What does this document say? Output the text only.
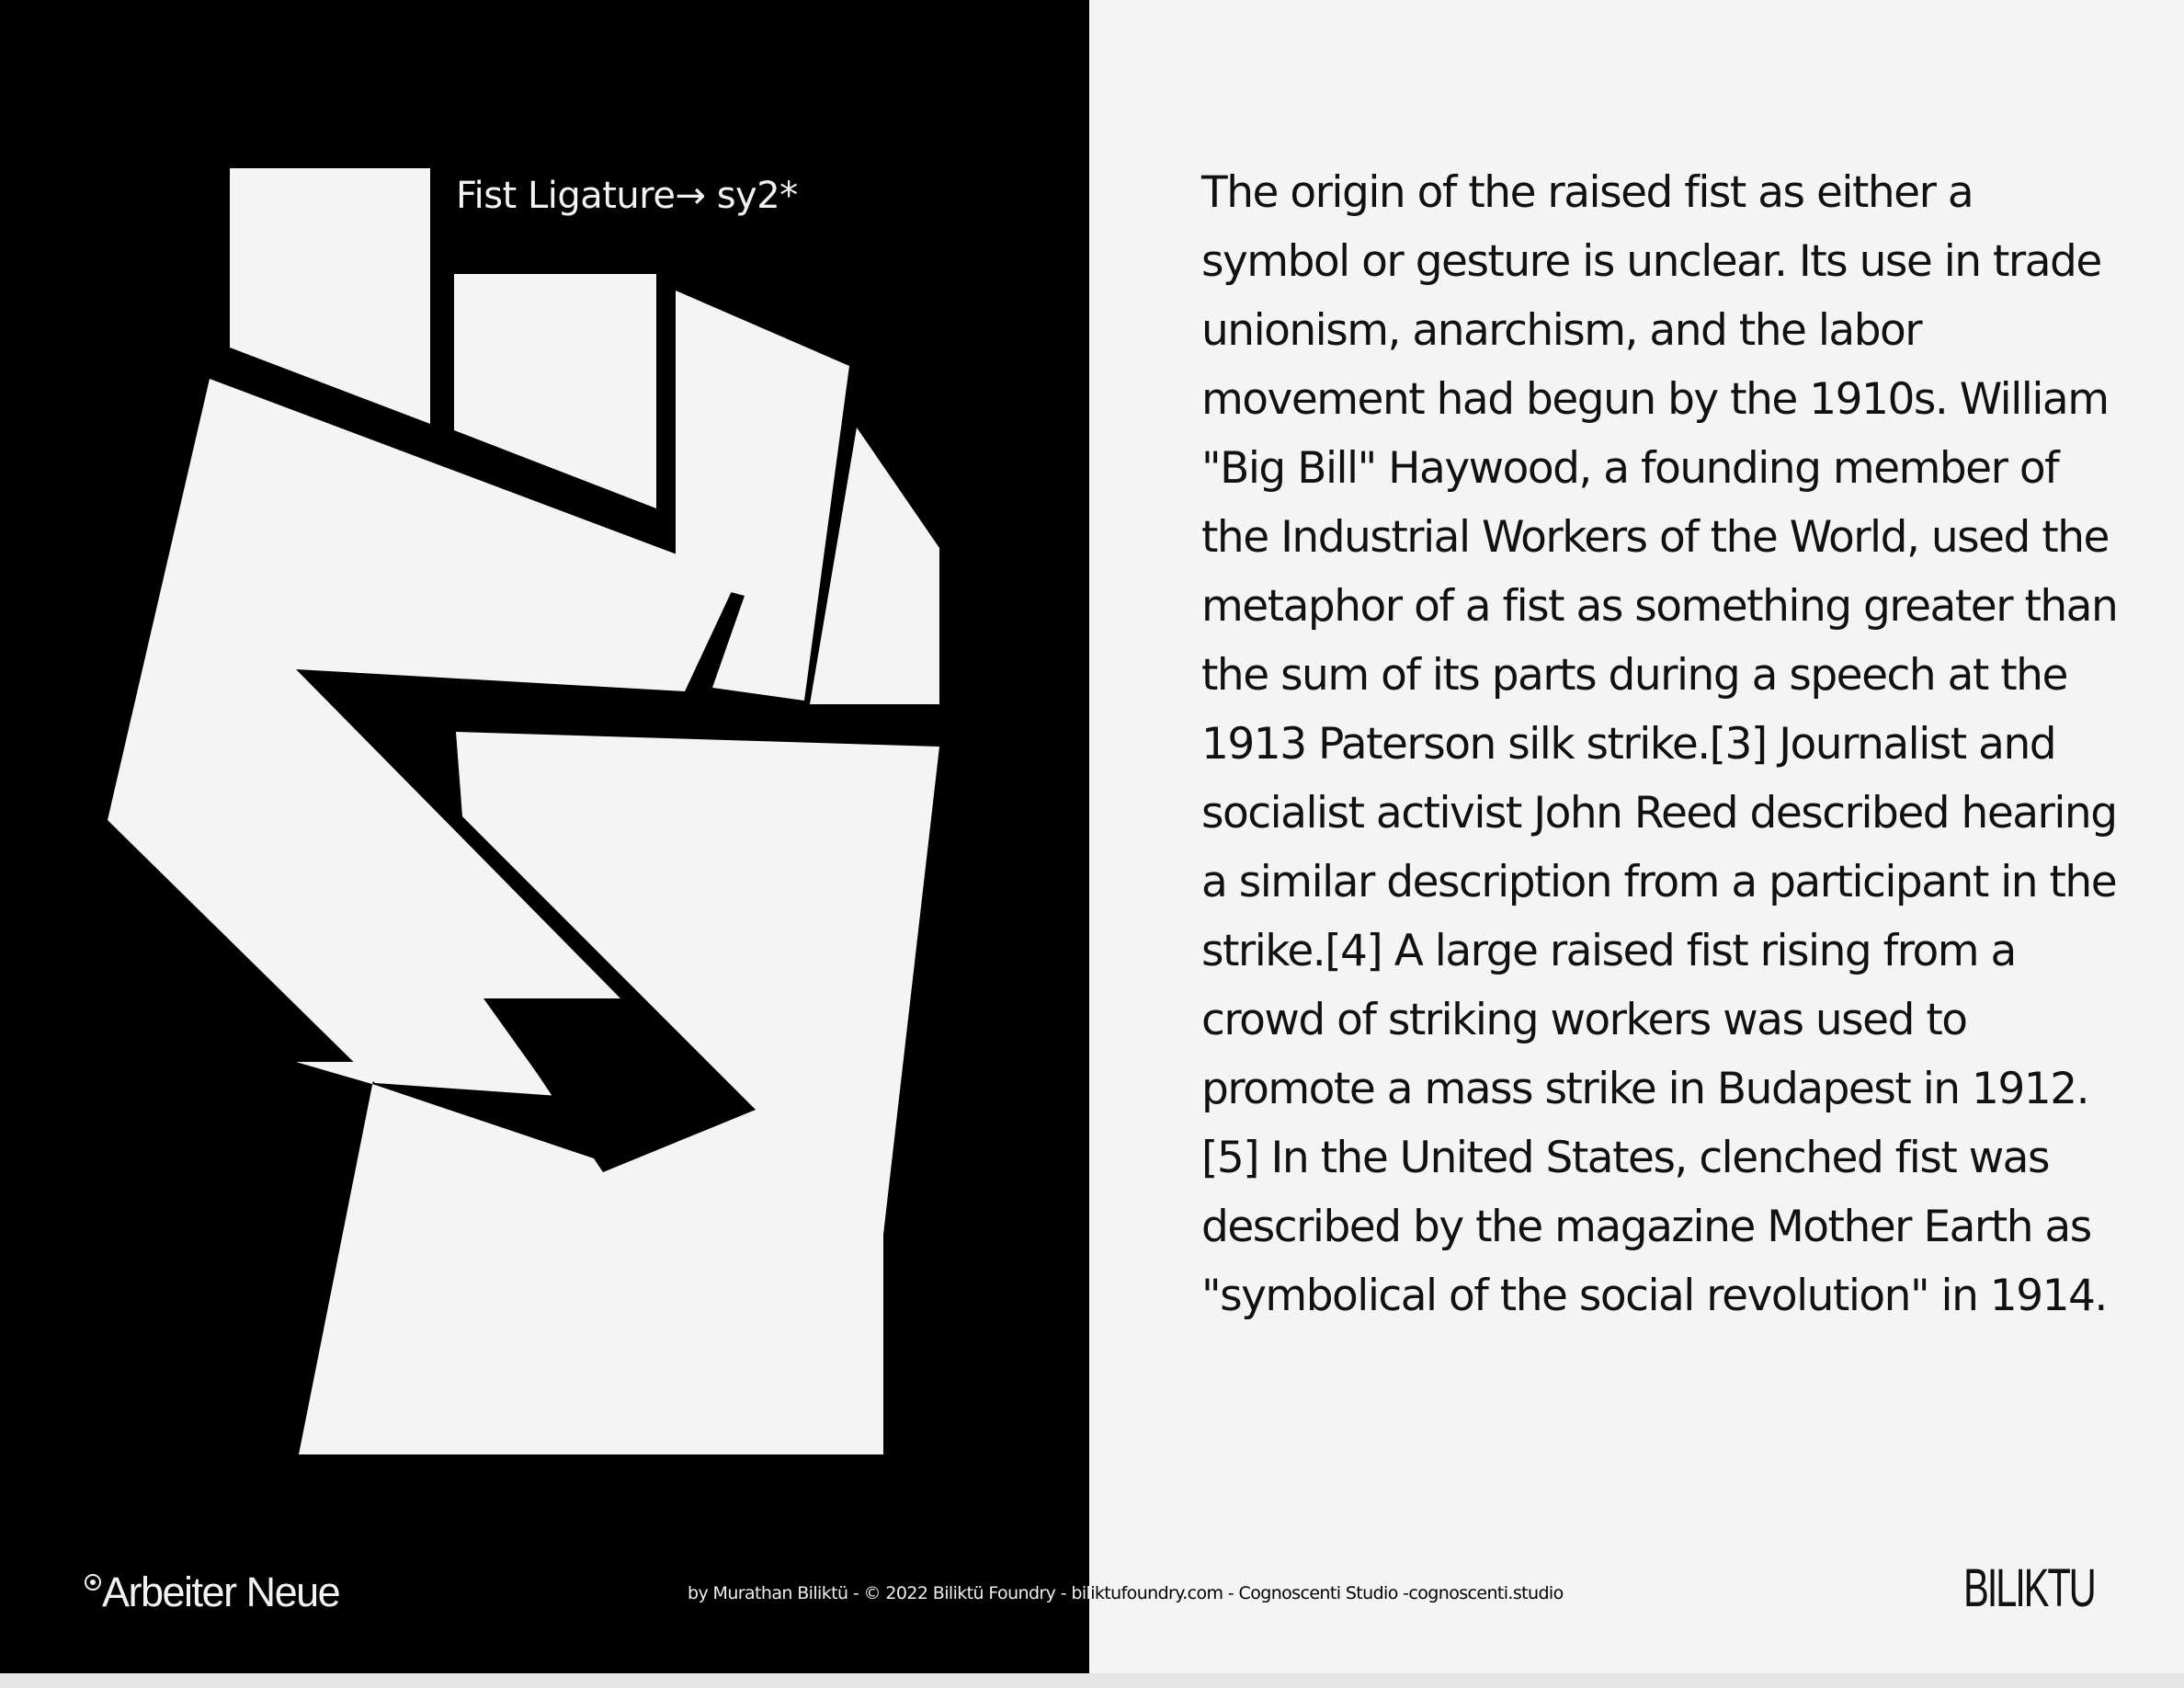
Fist Ligature→ sy2*	The origin of the raised fist as either a symbol or gesture is unclear. Its use in trade unionism, anarchism, and the labor movement had begun by the 1910s. William "Big Bill" Haywood, a founding member of the Industrial Workers of the World, used the metaphor of a fist as something greater than the sum of its parts during a speech at the 1913 Paterson silk strike.[3] Journalist and socialist activist John Reed described hearing a similar description from a participant in the strike.[4] A large raised fist rising from a crowd of striking workers was used to promote a mass strike in Budapest in 1912.[5] In the United States, clenched fist was described by the magazine Mother Earth as "symbolical of the social revolution" in 1914.

Arbeiter Neue	by Murathan Biliktü - © 2022 Biliktü Foundry - biliktufoundry.com - Cognoscenti Studio -cognoscenti.studio	BILIKTU
